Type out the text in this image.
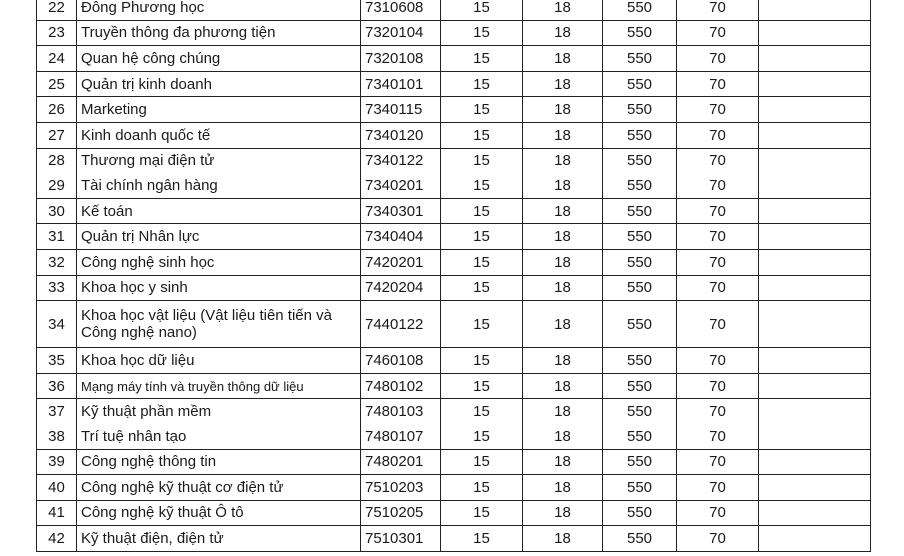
22	Đông Phương học	7310608	15	18	550	70	
23	Truyền thông đa phương tiện	7320104	15	18	550	70	
24	Quan hệ công chúng	7320108	15	18	550	70	
25	Quản trị kinh doanh	7340101	15	18	550	70	
26	Marketing	7340115	15	18	550	70	
27	Kinh doanh quốc tế	7340120	15	18	550	70	
28	Thương mại điện tử	7340122	15	18	550	70	
29	Tài chính ngân hàng	7340201	15	18	550	70	
30	Kế toán	7340301	15	18	550	70	
31	Quản trị Nhân lực	7340404	15	18	550	70	
32	Công nghệ sinh học	7420201	15	18	550	70	
33	Khoa học y sinh	7420204	15	18	550	70	
34	Khoa học vật liệu (Vật liệu tiên tiến và Công nghệ nano)	7440122	15	18	550	70	
35	Khoa học dữ liệu	7460108	15	18	550	70	
36	Mạng máy tính và truyền thông dữ liệu	7480102	15	18	550	70	
37	Kỹ thuật phần mềm	7480103	15	18	550	70	
38	Trí tuệ nhân tạo	7480107	15	18	550	70	
39	Công nghệ thông tin	7480201	15	18	550	70	
40	Công nghệ kỹ thuật cơ điện tử	7510203	15	18	550	70	
41	Công nghệ kỹ thuật Ô tô	7510205	15	18	550	70	
42	Kỹ thuật điện, điện tử	7510301	15	18	550	70	
